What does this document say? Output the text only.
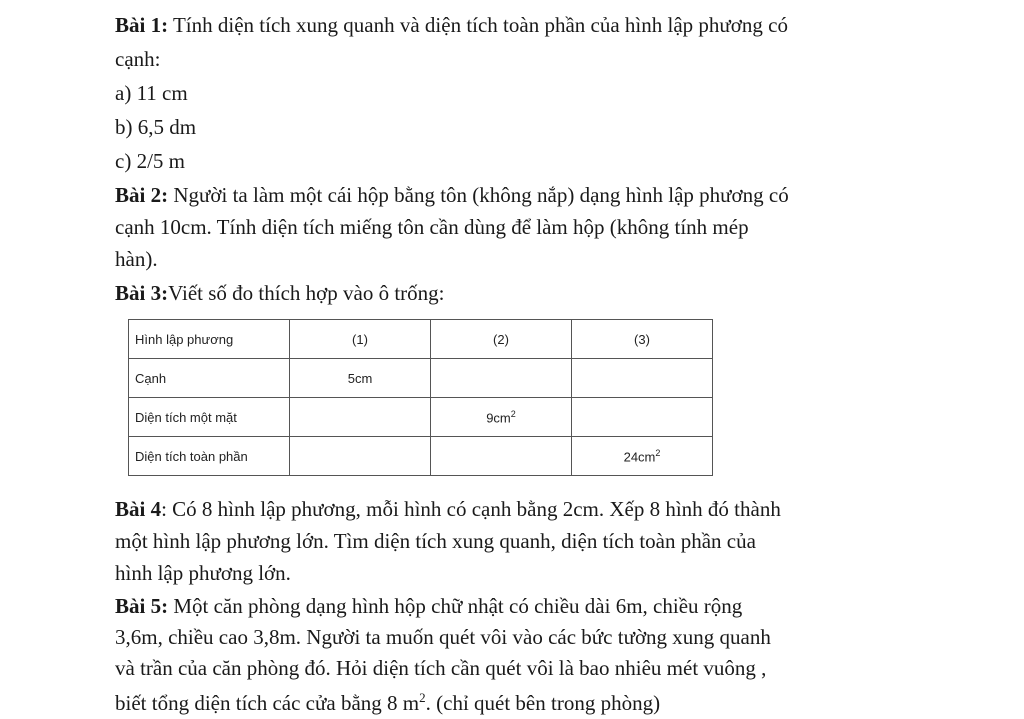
Bài 1: Tính diện tích xung quanh và diện tích toàn phần của hình lập phương có
cạnh:
a) 11 cm
b) 6,5 dm
c) 2/5 m
Bài 2: Người ta làm một cái hộp bằng tôn (không nắp) dạng hình lập phương có
cạnh 10cm. Tính diện tích miếng tôn cần dùng để làm hộp (không tính mép
hàn).
Bài 3:Viết số đo thích hợp vào ô trống:
Hình lập phương	(1)	(2)	(3)
Cạnh	5cm		
Diện tích một mặt		$9cm^2$	
Diện tích toàn phần			$24cm^2$
Bài 4: Có 8 hình lập phương, mỗi hình có cạnh bằng 2cm. Xếp 8 hình đó thành
một hình lập phương lớn. Tìm diện tích xung quanh, diện tích toàn phần của
hình lập phương lớn.
Bài 5: Một căn phòng dạng hình hộp chữ nhật có chiều dài 6m, chiều rộng
3,6m, chiều cao 3,8m. Người ta muốn quét vôi vào các bức tường xung quanh
và trần của căn phòng đó. Hỏi diện tích cần quét vôi là bao nhiêu mét vuông ,
biết tổng diện tích các cửa bằng 8 $m^2$. (chỉ quét bên trong phòng)
